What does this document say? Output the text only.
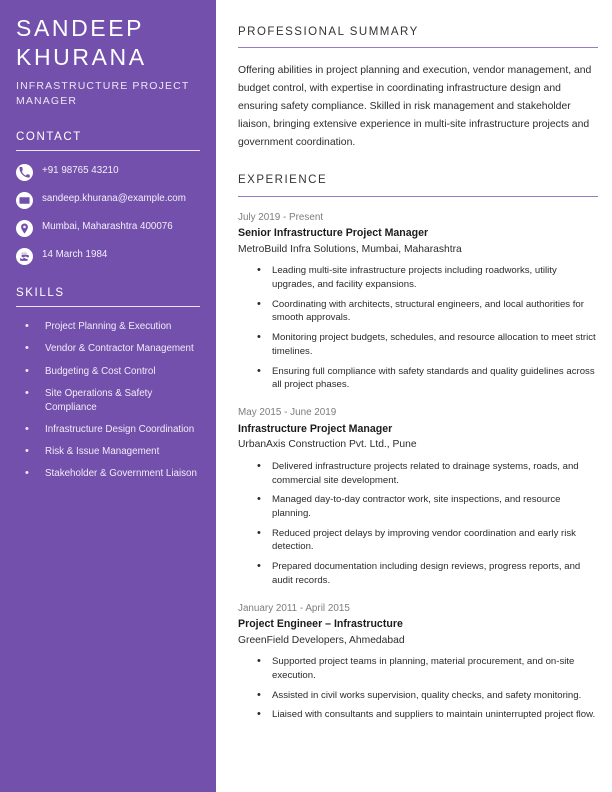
SANDEEP
KHURANA
INFRASTRUCTURE PROJECT MANAGER
CONTACT
+91 98765 43210
sandeep.khurana@example.com
Mumbai, Maharashtra 400076
14 March 1984
SKILLS
• Project Planning & Execution
• Vendor & Contractor Management
• Budgeting & Cost Control
• Site Operations & Safety Compliance
• Infrastructure Design Coordination
• Risk & Issue Management
• Stakeholder & Government Liaison
PROFESSIONAL SUMMARY

Offering abilities in project planning and execution, vendor management, and budget control, with expertise in coordinating infrastructure design and ensuring safety compliance. Skilled in risk management and stakeholder liaison, bringing extensive experience in multi-site infrastructure projects and government coordination.

EXPERIENCE
July 2019 - Present
Senior Infrastructure Project Manager
MetroBuild Infra Solutions, Mumbai, Maharashtra
• Leading multi-site infrastructure projects including roadworks, utility upgrades, and facility expansions.
• Coordinating with architects, structural engineers, and local authorities for smooth approvals.
• Monitoring project budgets, schedules, and resource allocation to meet strict timelines.
• Ensuring full compliance with safety standards and quality guidelines across all project phases.
May 2015 - June 2019
Infrastructure Project Manager
UrbanAxis Construction Pvt. Ltd., Pune
• Delivered infrastructure projects related to drainage systems, roads, and commercial site development.
• Managed day-to-day contractor work, site inspections, and resource planning.
• Reduced project delays by improving vendor coordination and early risk detection.
• Prepared documentation including design reviews, progress reports, and audit records.
January 2011 - April 2015
Project Engineer – Infrastructure
GreenField Developers, Ahmedabad
• Supported project teams in planning, material procurement, and on-site execution.
• Assisted in civil works supervision, quality checks, and safety monitoring.
• Liaised with consultants and suppliers to maintain uninterrupted project flow.
